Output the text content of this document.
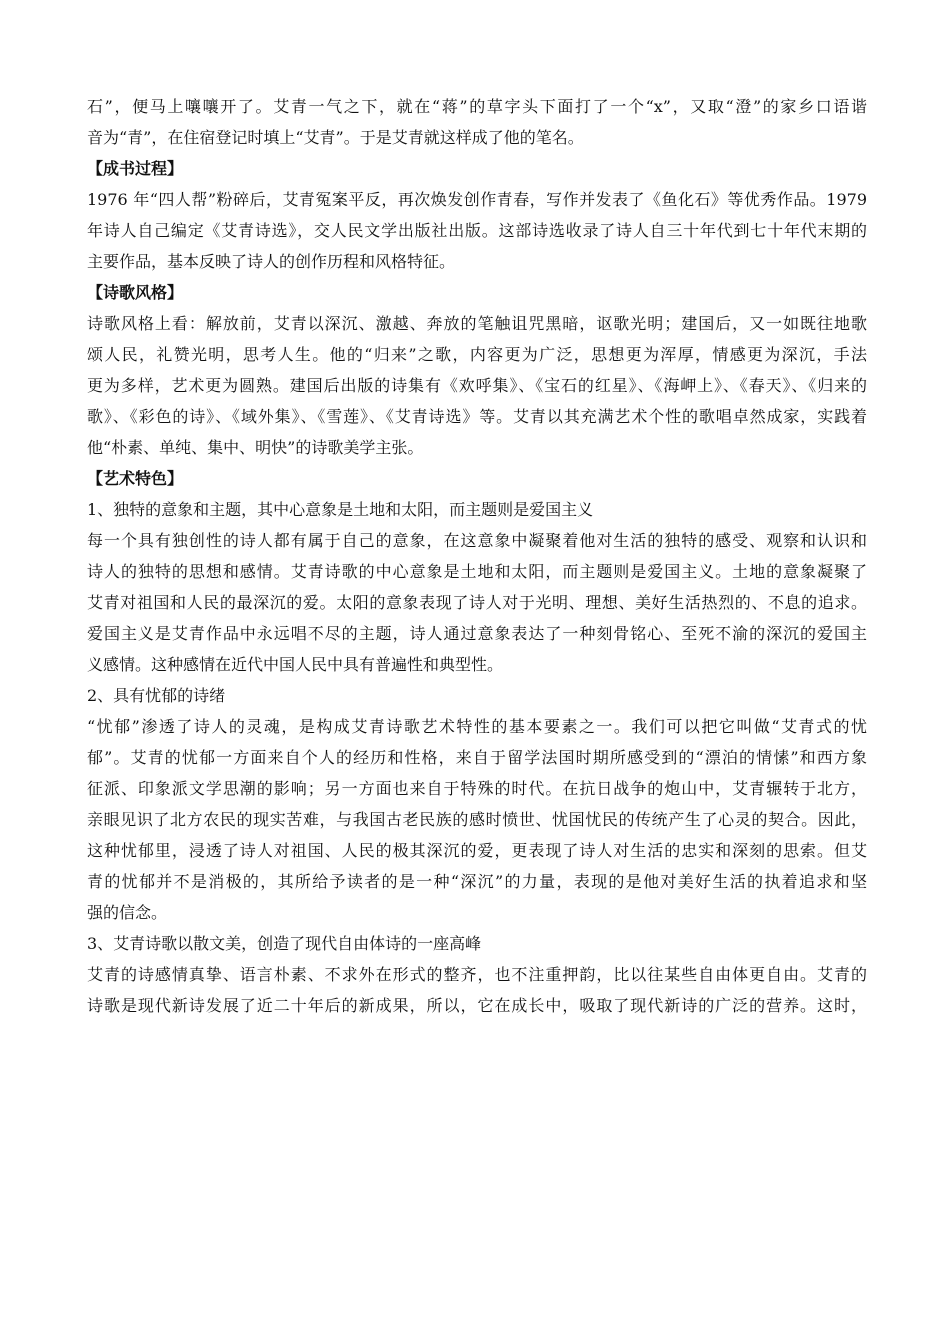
石”，便马上嚷嚷开了。艾青一气之下，就在“蒋”的草字头下面打了一个“x”，又取“澄”的家乡口语谐
音为“青”，在住宿登记时填上“艾青”。于是艾青就这样成了他的笔名。
【成书过程】
1976 年“四人帮”粉碎后，艾青冤案平反，再次焕发创作青春，写作并发表了《鱼化石》等优秀作品。1979
年诗人自己编定《艾青诗选》，交人民文学出版社出版。这部诗选收录了诗人自三十年代到七十年代末期的
主要作品，基本反映了诗人的创作历程和风格特征。
【诗歌风格】
诗歌风格上看：解放前，艾青以深沉、激越、奔放的笔触诅咒黑暗，讴歌光明；建国后，又一如既往地歌
颂人民，礼赞光明，思考人生。他的“归来”之歌，内容更为广泛，思想更为浑厚，情感更为深沉，手法
更为多样，艺术更为圆熟。建国后出版的诗集有《欢呼集》、《宝石的红星》、《海岬上》、《春天》、《归来的
歌》、《彩色的诗》、《域外集》、《雪莲》、《艾青诗选》等。艾青以其充满艺术个性的歌唱卓然成家，实践着
他“朴素、单纯、集中、明快”的诗歌美学主张。
【艺术特色】
1、独特的意象和主题，其中心意象是土地和太阳，而主题则是爱国主义
每一个具有独创性的诗人都有属于自己的意象，在这意象中凝聚着他对生活的独特的感受、观察和认识和
诗人的独特的思想和感情。艾青诗歌的中心意象是土地和太阳，而主题则是爱国主义。土地的意象凝聚了
艾青对祖国和人民的最深沉的爱。太阳的意象表现了诗人对于光明、理想、美好生活热烈的、不息的追求。
爱国主义是艾青作品中永远唱不尽的主题，诗人通过意象表达了一种刻骨铭心、至死不渝的深沉的爱国主
义感情。这种感情在近代中国人民中具有普遍性和典型性。
2、具有忧郁的诗绪
“忧郁”渗透了诗人的灵魂，是构成艾青诗歌艺术特性的基本要素之一。我们可以把它叫做“艾青式的忧
郁”。艾青的忧郁一方面来自个人的经历和性格，来自于留学法国时期所感受到的“漂泊的情愫”和西方象
征派、印象派文学思潮的影响；另一方面也来自于特殊的时代。在抗日战争的炮山中，艾青辗转于北方，
亲眼见识了北方农民的现实苦难，与我国古老民族的感时愤世、忧国忧民的传统产生了心灵的契合。因此，
这种忧郁里，浸透了诗人对祖国、人民的极其深沉的爱，更表现了诗人对生活的忠实和深刻的思索。但艾
青的忧郁并不是消极的，其所给予读者的是一种“深沉”的力量，表现的是他对美好生活的执着追求和坚
强的信念。
3、艾青诗歌以散文美，创造了现代自由体诗的一座高峰
艾青的诗感情真挚、语言朴素、不求外在形式的整齐，也不注重押韵，比以往某些自由体更自由。艾青的
诗歌是现代新诗发展了近二十年后的新成果，所以，它在成长中，吸取了现代新诗的广泛的营养。这时，
